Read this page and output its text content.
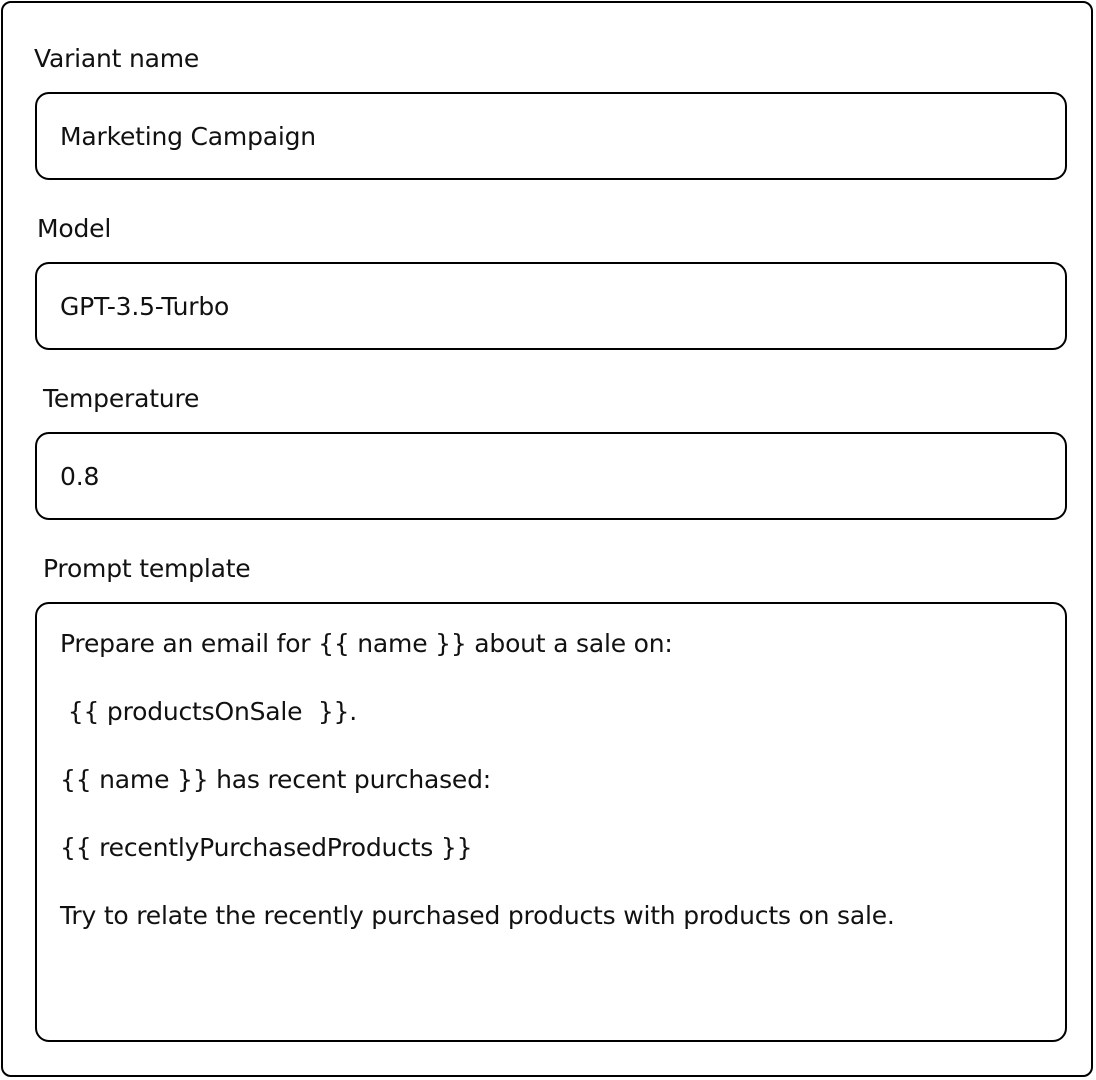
Variant name
Marketing Campaign
Model
GPT-3.5-Turbo
Temperature
0.8
Prompt template
Prepare an email for {{ name }} about a sale on:
{{ productsOnSale  }}.
{{ name }} has recent purchased:
{{ recentlyPurchasedProducts }}
Try to relate the recently purchased products with products on sale.
